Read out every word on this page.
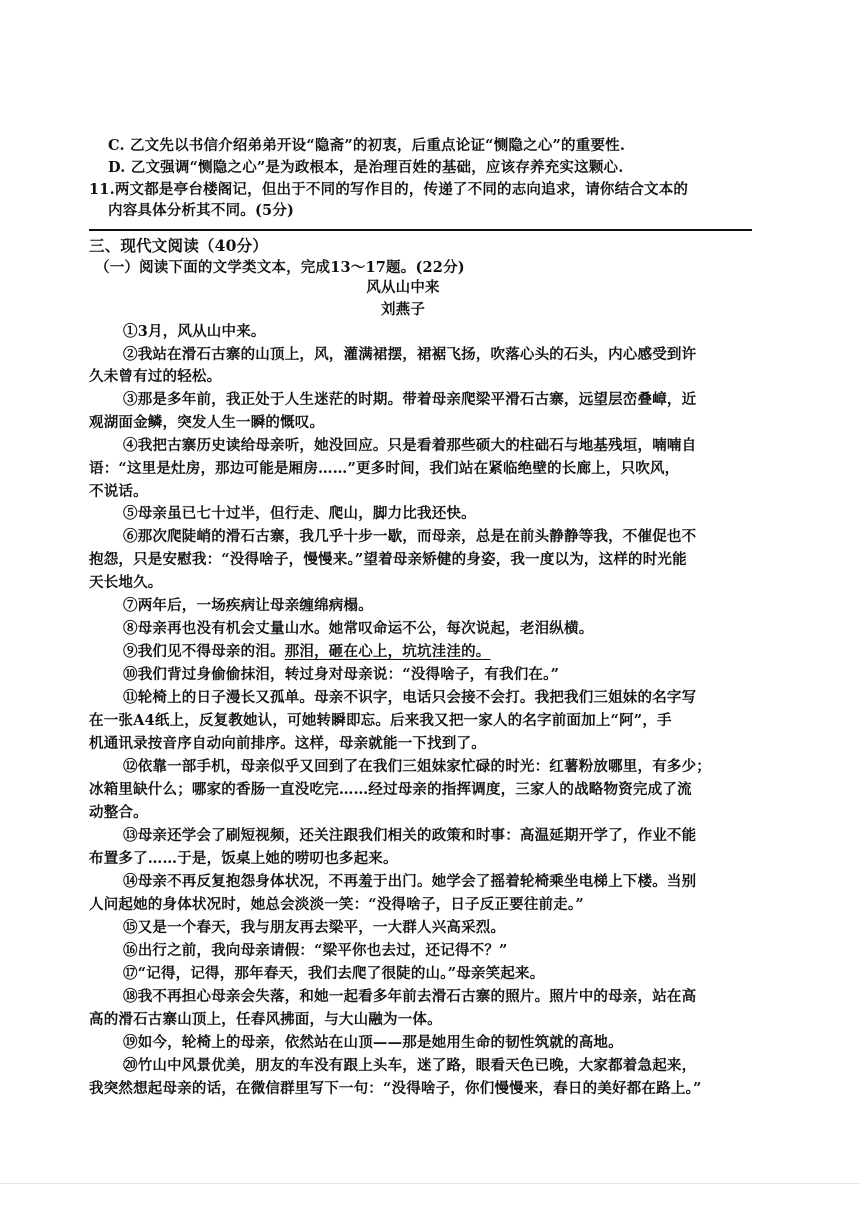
C. 乙文先以书信介绍弟弟开设“隐斋”的初衷，后重点论证“恻隐之心”的重要性.
D. 乙文强调“恻隐之心”是为政根本，是治理百姓的基础，应该存养充实这颗心.
11.两文都是亭台楼阁记，但出于不同的写作目的，传递了不同的志向追求，请你结合文本的
内容具体分析其不同。(5分)
三、现代文阅读（40分）
（一）阅读下面的文学类文本，完成13～17题。(22分)
风从山中来
刘燕子
①3月，风从山中来。
②我站在滑石古寨的山顶上，风，灌满裙摆，裙裾飞扬，吹落心头的石头，内心感受到许
久未曾有过的轻松。
③那是多年前，我正处于人生迷茫的时期。带着母亲爬梁平滑石古寨，远望层峦叠嶂，近
观湖面金鳞，突发人生一瞬的慨叹。
④我把古寨历史读给母亲听，她没回应。只是看着那些硕大的柱础石与地基残垣，喃喃自
语：“这里是灶房，那边可能是厢房……”更多时间，我们站在紧临绝壁的长廊上，只吹风，
不说话。
⑤母亲虽已七十过半，但行走、爬山，脚力比我还快。
⑥那次爬陡峭的滑石古寨，我几乎十步一歇，而母亲，总是在前头静静等我，不催促也不
抱怨，只是安慰我：“没得啥子，慢慢来。”望着母亲矫健的身姿，我一度以为，这样的时光能
天长地久。
⑦两年后，一场疾病让母亲缠绵病榻。
⑧母亲再也没有机会丈量山水。她常叹命运不公，每次说起，老泪纵横。
⑨我们见不得母亲的泪。那泪，砸在心上，坑坑洼洼的。
⑩我们背过身偷偷抹泪，转过身对母亲说：“没得啥子，有我们在。”
⑪轮椅上的日子漫长又孤单。母亲不识字，电话只会接不会打。我把我们三姐妹的名字写
在一张A4纸上，反复教她认，可她转瞬即忘。后来我又把一家人的名字前面加上“阿”，手
机通讯录按音序自动向前排序。这样，母亲就能一下找到了。
⑫依靠一部手机，母亲似乎又回到了在我们三姐妹家忙碌的时光：红薯粉放哪里，有多少；
冰箱里缺什么；哪家的香肠一直没吃完……经过母亲的指挥调度，三家人的战略物资完成了流
动整合。
⑬母亲还学会了刷短视频，还关注跟我们相关的政策和时事：高温延期开学了，作业不能
布置多了……于是，饭桌上她的唠叨也多起来。
⑭母亲不再反复抱怨身体状况，不再羞于出门。她学会了摇着轮椅乘坐电梯上下楼。当别
人问起她的身体状况时，她总会淡淡一笑：“没得啥子，日子反正要往前走。”
⑮又是一个春天，我与朋友再去梁平，一大群人兴高采烈。
⑯出行之前，我向母亲请假：“梁平你也去过，还记得不？”
⑰“记得，记得，那年春天，我们去爬了很陡的山。”母亲笑起来。
⑱我不再担心母亲会失落，和她一起看多年前去滑石古寨的照片。照片中的母亲，站在高
高的滑石古寨山顶上，任春风拂面，与大山融为一体。
⑲如今，轮椅上的母亲，依然站在山顶——那是她用生命的韧性筑就的高地。
⑳竹山中风景优美，朋友的车没有跟上头车，迷了路，眼看天色已晚，大家都着急起来，
我突然想起母亲的话，在微信群里写下一句：“没得啥子，你们慢慢来，春日的美好都在路上。”
